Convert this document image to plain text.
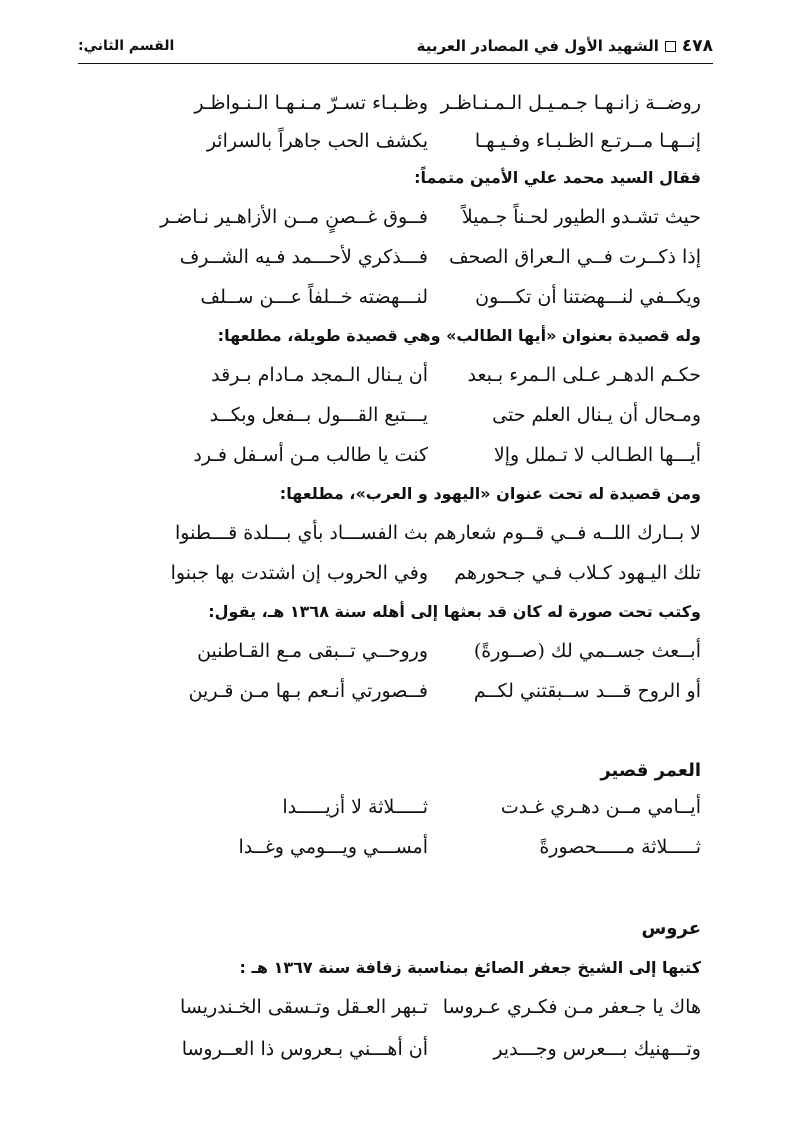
٤٧٨
الشهيد الأول في المصادر العربية
القسم الثاني:
روضــة زانـهـا جـمـيـل الـمـنـاظـر
وظـبـاء تسـرّ مـنـهـا الـنـواظـر
إنــهـا مــرتـع الظـبـاء وفـيـهـا
يكشف الحب جاهراً بالسرائر
فقال السيد محمد علي الأمين متمماً:
حيث تشـدو الطيور لحـناً جـميلاً
فــوق غــصنٍ مــن الأزاهـير نـاضـر
إذا ذكــرت فــي الـعراق الصحف
فـــذكري لأحـــمد فـيه الشــرف
ويكــفي لنـــهضتنا أن تكـــون
لنـــهضته خــلفاً عـــن ســلف
وله قصيدة بعنوان «أيها الطالب» وهي قصيدة طويلة، مطلعها:
حكـم الدهـر عـلى الـمرء بـبعد
أن يـنال الـمجد مـادام بـرقد
ومـحال أن يـنال العلم حتى
يـــتبع القـــول بــفعل وبكــد
أيـــها الطـالب لا تـملل وإلا
كنت يا طالب مـن أسـفل فـرد
ومن قصيدة له تحت عنوان «اليهود و العرب»، مطلعها:
لا بــارك اللــه فــي قــوم شعارهم
بث الفســـاد بأي بـــلدة قـــطنوا
تلك اليـهود كـلاب فـي جـحورهم
وفي الحروب إن اشتدت بها جبنوا
وكتب تحت صورة له كان قد بعثها إلى أهله سنة ١٣٦٨ هـ، يقول:
أبــعث جســمي لك (صــورةً)
وروحــي تــبقى مـع القـاطنين
أو الروح قـــد ســبقتني لكــم
فــصورتي أنـعم بـها مـن قـرين
العمر قصير
أيــامي مــن دهـري غـدت
ثـــــلاثة لا أزيـــــدا
ثـــــلاثة مـــــحصورةً
أمســـي ويـــومي وغــدا
عروس
كتبها إلى الشيخ جعفر الصائغ بمناسبة زفافة سنة ١٣٦٧ هـ :
هاك يا جـعفر مـن فكـري عـروسا
تـبهر العـقل وتـسقى الخـندريسا
وتـــهنيك بـــعرس وجـــدير
أن أهـــني بـعروس ذا العــروسا
